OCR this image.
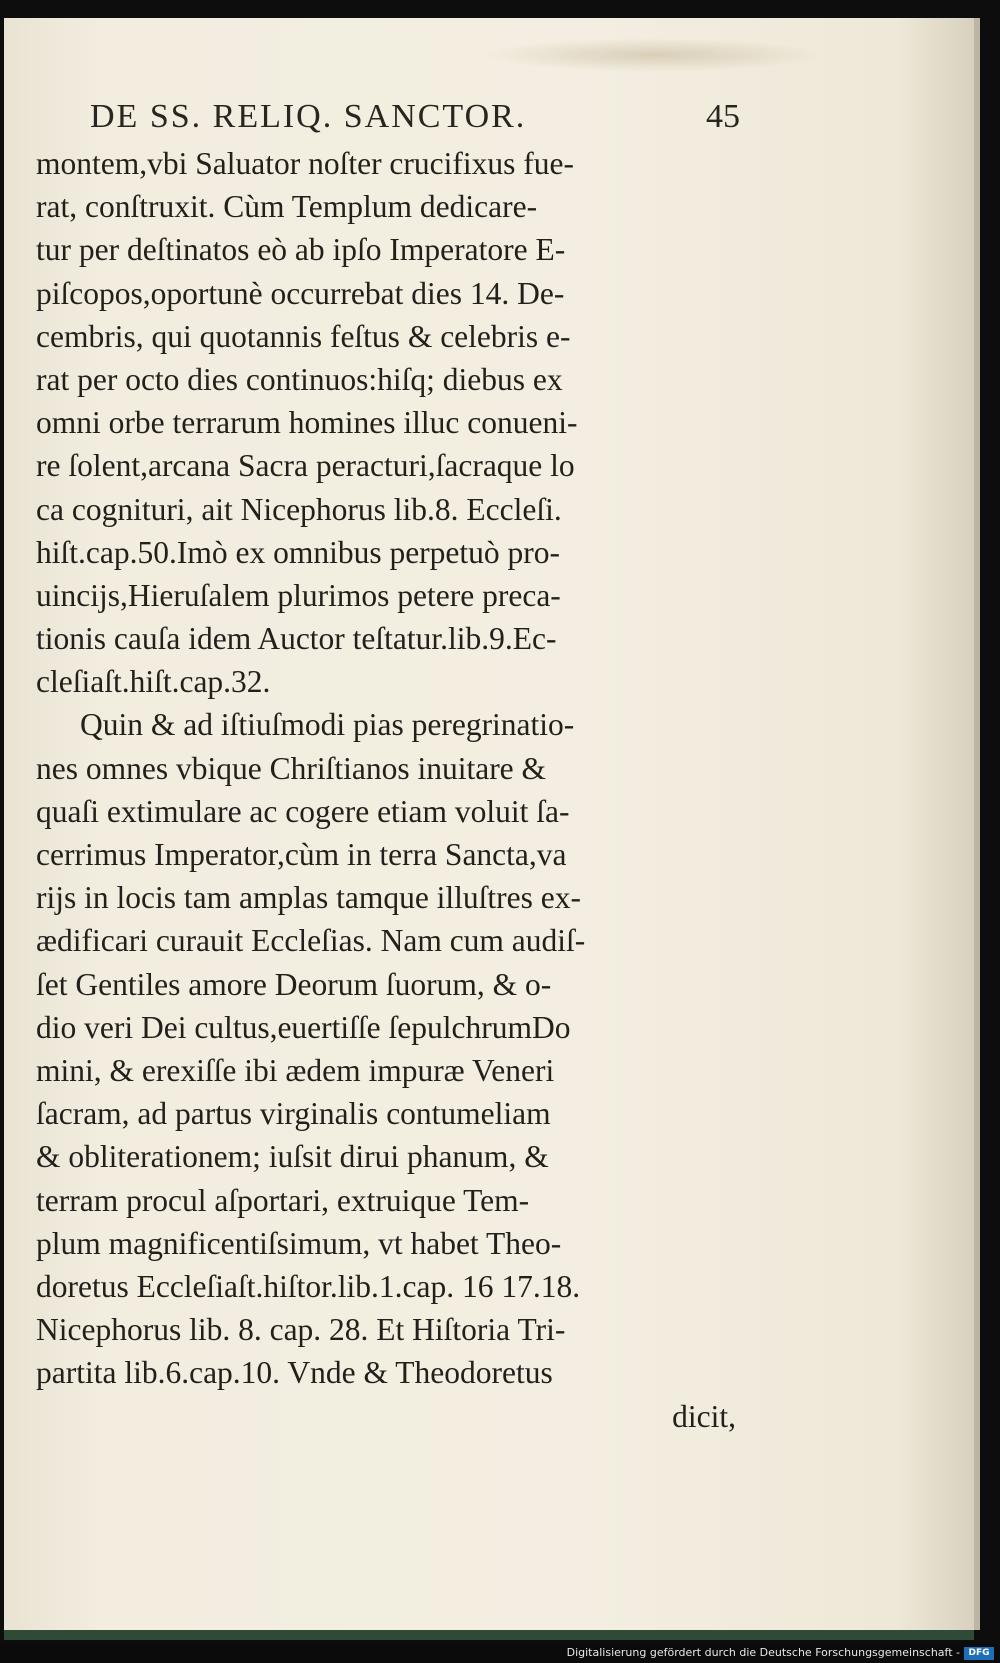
DE SS. RELIQ. SANCTOR.	45
montem,vbi Saluator noſter crucifixus fue-
rat, conſtruxit. Cùm Templum dedicare-
tur per deſtinatos eò ab ipſo Imperatore E-
piſcopos,oportunè occurrebat dies 14. De-
cembris, qui quotannis feſtus & celebris e-
rat per octo dies continuos:hiſq; diebus ex
omni orbe terrarum homines illuc conueni-
re ſolent,arcana Sacra peracturi,ſacraque lo
ca cognituri, ait Nicephorus lib.8. Eccleſi.
hiſt.cap.50.Imò ex omnibus perpetuò pro-
uincijs,Hieruſalem plurimos petere preca-
tionis cauſa idem Auctor teſtatur.lib.9.Ec-
cleſiaſt.hiſt.cap.32.
Quin & ad iſtiuſmodi pias peregrinatio-
nes omnes vbique Chriſtianos inuitare &
quaſi extimulare ac cogere etiam voluit ſa-
cerrimus Imperator,cùm in terra Sancta,va
rijs in locis tam amplas tamque illuſtres ex-
ædificari curauit Eccleſias. Nam cum audiſ-
ſet Gentiles amore Deorum ſuorum, & o-
dio veri Dei cultus,euertiſſe ſepulchrumDo
mini, & erexiſſe ibi ædem impuræ Veneri
ſacram, ad partus virginalis contumeliam
& obliterationem; iuſsit dirui phanum, &
terram procul aſportari, extruique Tem-
plum magnificentiſsimum, vt habet Theo-
doretus Eccleſiaſt.hiſtor.lib.1.cap. 16 17.18.
Nicephorus lib. 8. cap. 28. Et Hiſtoria Tri-
partita lib.6.cap.10. Vnde & Theodoretus
dicit,
Digitalisierung gefördert durch die Deutsche Forschungsgemeinschaft - DFG
